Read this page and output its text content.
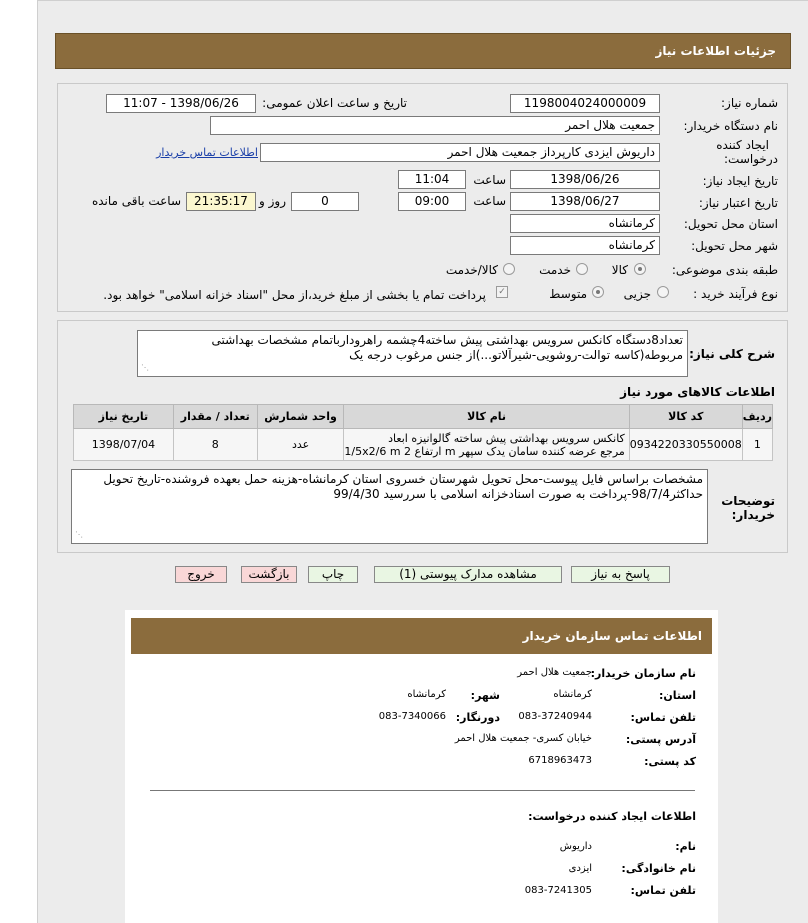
جزئیات اطلاعات نیاز
شماره نیاز:
1198004024000009
تاریخ و ساعت اعلان عمومی:
1398/06/26 - 11:07
نام دستگاه خریدار:
جمعیت هلال احمر
ایجاد کننده
درخواست:
داریوش ایزدی کارپرداز جمعیت هلال احمر
اطلاعات تماس خریدار
تاریخ ایجاد نیاز:
1398/06/26
ساعت
11:04
تاریخ اعتبار نیاز:
1398/06/27
ساعت
09:00
0
روز و
21:35:17
ساعت باقی مانده
استان محل تحویل:
کرمانشاه
شهر محل تحویل:
کرمانشاه
طبقه بندی موضوعی:
کالا
خدمت
کالا/خدمت
نوع فرآیند خرید :
جزیی
متوسط
✓
پرداخت تمام یا بخشی از مبلغ خرید،از محل "اسناد خزانه اسلامی" خواهد بود.
شرح کلی نیاز:
تعداد8دستگاه کانکس سرویس بهداشتی پیش ساخته4چشمه راهرودارباتمام مشخصات بهداشتی مربوطه(کاسه توالت-روشویی-شیرآلاتو...)از جنس مرغوب درجه یک
⋰
اطلاعات کالاهای مورد نیاز
ردیف	کد کالا	نام کالا	واحد شمارش	تعداد / مقدار	تاریخ نیاز
1	0934220330550008	کانکس سرویس بهداشتی پیش ساخته گالوانیزه ابعاد
1/5x2/6 m ارتفاع 2 m مرجع عرضه کننده سامان یدک سپهر	عدد	8	1398/07/04
توضیحات
خریدار:
مشخصات براساس فایل پیوست-محل تحویل شهرستان خسروی استان کرمانشاه-هزینه حمل بعهده فروشنده-تاریخ تحویل حداکثر98/7/4-پرداخت به صورت اسنادخزانه اسلامی با سررسید 99/4/30
⋰
پاسخ به نیاز
مشاهده مدارک پیوستی (1)
چاپ
بازگشت
خروج
اطلاعات تماس سازمان خریدار
نام سازمان خریدار:
جمعیت هلال احمر
استان:
کرمانشاه
شهر:
کرمانشاه
تلفن تماس:
083-37240944
دورنگار:
083-7340066
آدرس پستی:
خیابان کسری- جمعیت هلال احمر
کد پستی:
6718963473
اطلاعات ایجاد کننده درخواست:
نام:
داریوش
نام خانوادگی:
ایزدی
تلفن تماس:
083-7241305
